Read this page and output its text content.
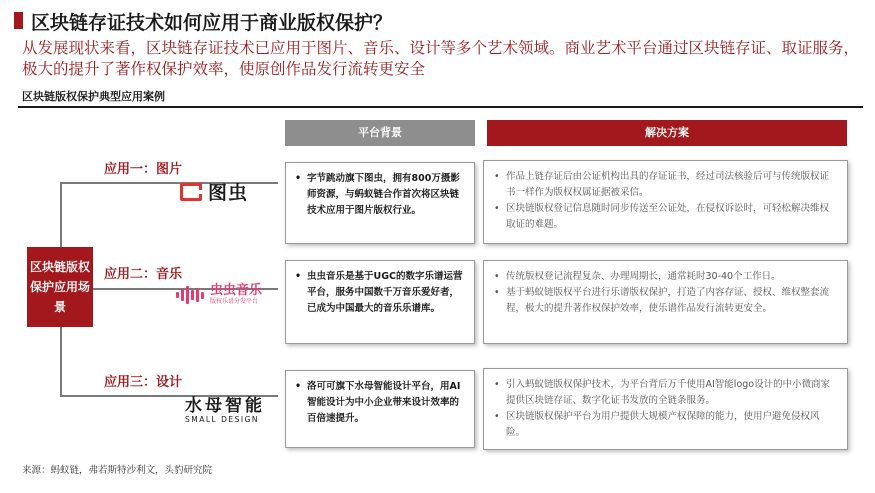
区块链存证技术如何应用于商业版权保护？
从发展现状来看，区块链存证技术已应用于图片、音乐、设计等多个艺术领域。商业艺术平台通过区块链存证、取证服务，极大的提升了著作权保护效率，使原创作品发行流转更安全
区块链版权保护典型应用案例
平台背景	解决方案
区块链版权保护应用场景
应用一：图片
应用二：音乐
应用三：设计
图虫
虫虫音乐
版权乐谱分发平台
水母智能
SMALL DESIGN
• 字节跳动旗下图虫，拥有800万摄影师资源，与蚂蚁链合作首次将区块链技术应用于图片版权行业。
• 作品上链存证后由公证机构出具的存证证书，经过司法核验后可与传统版权证书一样作为版权权属证据被采信。
• 区块链版权登记信息随时同步传送至公证处，在侵权诉讼时，可轻松解决维权取证的难题。
• 虫虫音乐是基于UGC的数字乐谱运营平台，服务中国数千万音乐爱好者，已成为中国最大的音乐乐谱库。
• 传统版权登记流程复杂、办理周期长，通常耗时30-40个工作日。
• 基于蚂蚁链版权平台进行乐谱版权保护，打造了内容存证、授权、维权整套流程，极大的提升著作权保护效率，使乐谱作品发行流转更安全。
• 洛可可旗下水母智能设计平台，用AI智能设计为中小企业带来设计效率的百倍速提升。
• 引入蚂蚁链版权保护技术，为平台背后万千使用AI智能logo设计的中小微商家提供区块链存证、数字化证书发放的全链条服务。
• 区块链版权保护平台为用户提供大规模产权保障的能力，使用户避免侵权风险。
来源：蚂蚁链，弗若斯特沙利文，头豹研究院
